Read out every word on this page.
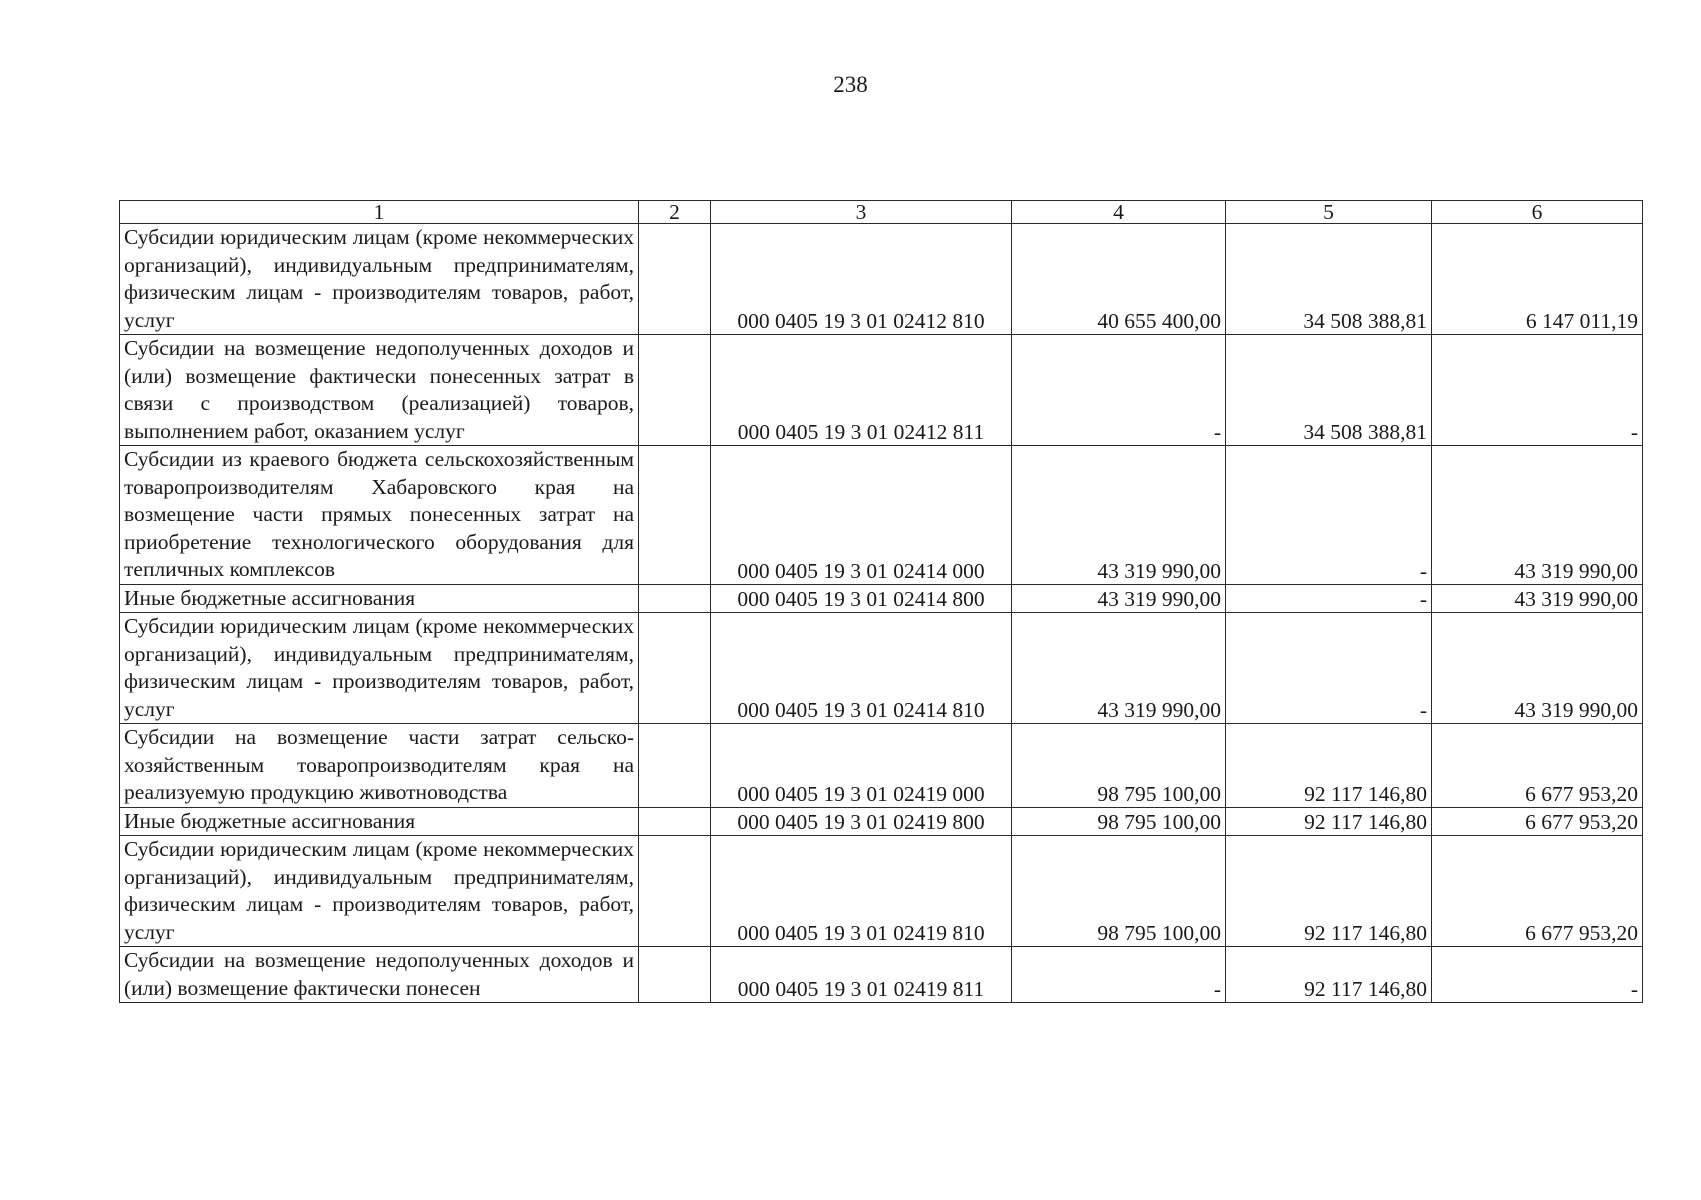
238
1	2	3	4	5	6
Субсидии юридическим лицам (кроме некоммерческих организаций), индивидуальным предпринимателям, физическим лицам - производителям товаров, работ, услуг		000 0405 19 3 01 02412 810	40 655 400,00	34 508 388,81	6 147 011,19
Субсидии на возмещение недополученных доходов и (или) возмещение фактически понесенных затрат в связи с производством (реализацией) товаров, выполнением работ, оказанием услуг		000 0405 19 3 01 02412 811	-	34 508 388,81	-
Субсидии из краевого бюджета сельскохозяйственным товаропроизводителям Хабаровского края на возмещение части прямых понесенных затрат на приобретение технологического оборудования для тепличных комплексов		000 0405 19 3 01 02414 000	43 319 990,00	-	43 319 990,00
Иные бюджетные ассигнования		000 0405 19 3 01 02414 800	43 319 990,00	-	43 319 990,00
Субсидии юридическим лицам (кроме некоммерческих организаций), индивидуальным предпринимателям, физическим лицам - производителям товаров, работ, услуг		000 0405 19 3 01 02414 810	43 319 990,00	-	43 319 990,00
Субсидии на возмещение части затрат сельскохозяйственным товаропроизводителям края на реализуемую продукцию животноводства		000 0405 19 3 01 02419 000	98 795 100,00	92 117 146,80	6 677 953,20
Иные бюджетные ассигнования		000 0405 19 3 01 02419 800	98 795 100,00	92 117 146,80	6 677 953,20
Субсидии юридическим лицам (кроме некоммерческих организаций), индивидуальным предпринимателям, физическим лицам - производителям товаров, работ, услуг		000 0405 19 3 01 02419 810	98 795 100,00	92 117 146,80	6 677 953,20
Субсидии на возмещение недополученных доходов и (или) возмещение фактически понесен		000 0405 19 3 01 02419 811	-	92 117 146,80	-
